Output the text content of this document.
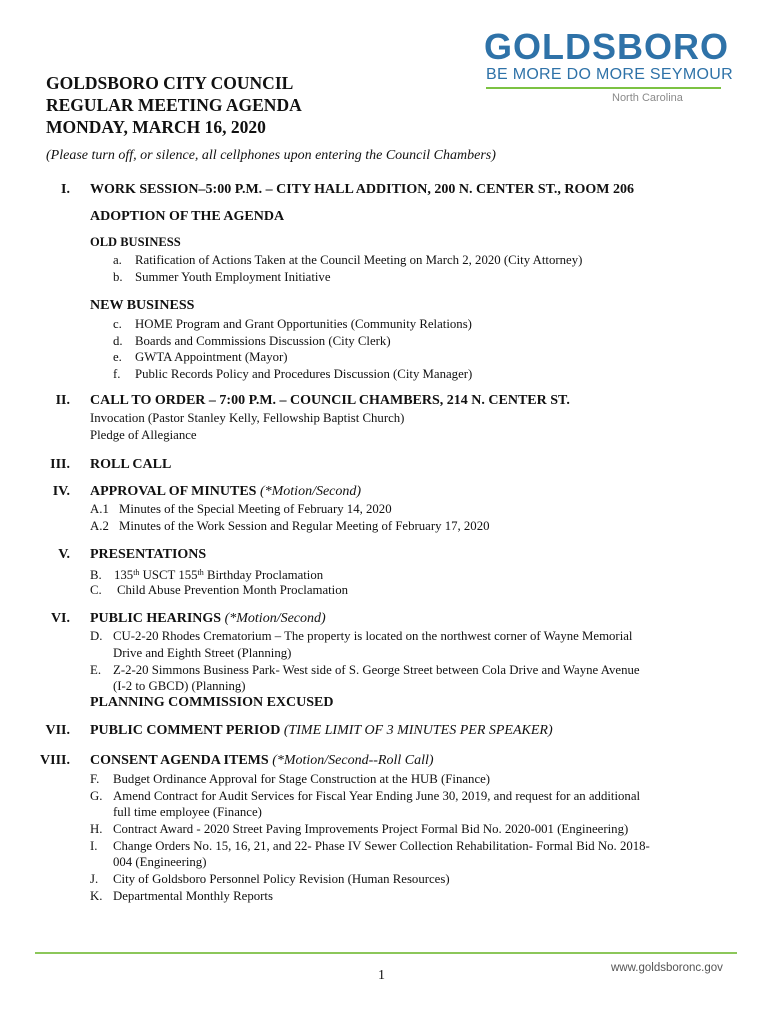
GOLDSBORO
BE MORE DO MORE SEYMOUR
North Carolina
GOLDSBORO CITY COUNCIL
REGULAR MEETING AGENDA
MONDAY, MARCH 16, 2020
(Please turn off, or silence, all cellphones upon entering the Council Chambers)
I. WORK SESSION–5:00 P.M. – CITY HALL ADDITION, 200 N. CENTER ST., ROOM 206
ADOPTION OF THE AGENDA
OLD BUSINESS
a. Ratification of Actions Taken at the Council Meeting on March 2, 2020 (City Attorney)
b. Summer Youth Employment Initiative
NEW BUSINESS
c. HOME Program and Grant Opportunities (Community Relations)
d. Boards and Commissions Discussion (City Clerk)
e. GWTA Appointment (Mayor)
f. Public Records Policy and Procedures Discussion (City Manager)
II. CALL TO ORDER – 7:00 P.M. – COUNCIL CHAMBERS, 214 N. CENTER ST.
Invocation (Pastor Stanley Kelly, Fellowship Baptist Church)
Pledge of Allegiance
III. ROLL CALL
IV. APPROVAL OF MINUTES (*Motion/Second)
A.1 Minutes of the Special Meeting of February 14, 2020
A.2 Minutes of the Work Session and Regular Meeting of February 17, 2020
V. PRESENTATIONS
B. 135th USCT 155th Birthday Proclamation
C. Child Abuse Prevention Month Proclamation
VI. PUBLIC HEARINGS (*Motion/Second)
D. CU-2-20 Rhodes Crematorium – The property is located on the northwest corner of Wayne Memorial
Drive and Eighth Street (Planning)
E. Z-2-20 Simmons Business Park- West side of S. George Street between Cola Drive and Wayne Avenue
(I-2 to GBCD) (Planning)
PLANNING COMMISSION EXCUSED
VII. PUBLIC COMMENT PERIOD (TIME LIMIT OF 3 MINUTES PER SPEAKER)
VIII. CONSENT AGENDA ITEMS (*Motion/Second--Roll Call)
F. Budget Ordinance Approval for Stage Construction at the HUB (Finance)
G. Amend Contract for Audit Services for Fiscal Year Ending June 30, 2019, and request for an additional
full time employee (Finance)
H. Contract Award - 2020 Street Paving Improvements Project Formal Bid No. 2020-001 (Engineering)
I. Change Orders No. 15, 16, 21, and 22- Phase IV Sewer Collection Rehabilitation- Formal Bid No. 2018-
004 (Engineering)
J. City of Goldsboro Personnel Policy Revision (Human Resources)
K. Departmental Monthly Reports
1	www.goldsboronc.gov
